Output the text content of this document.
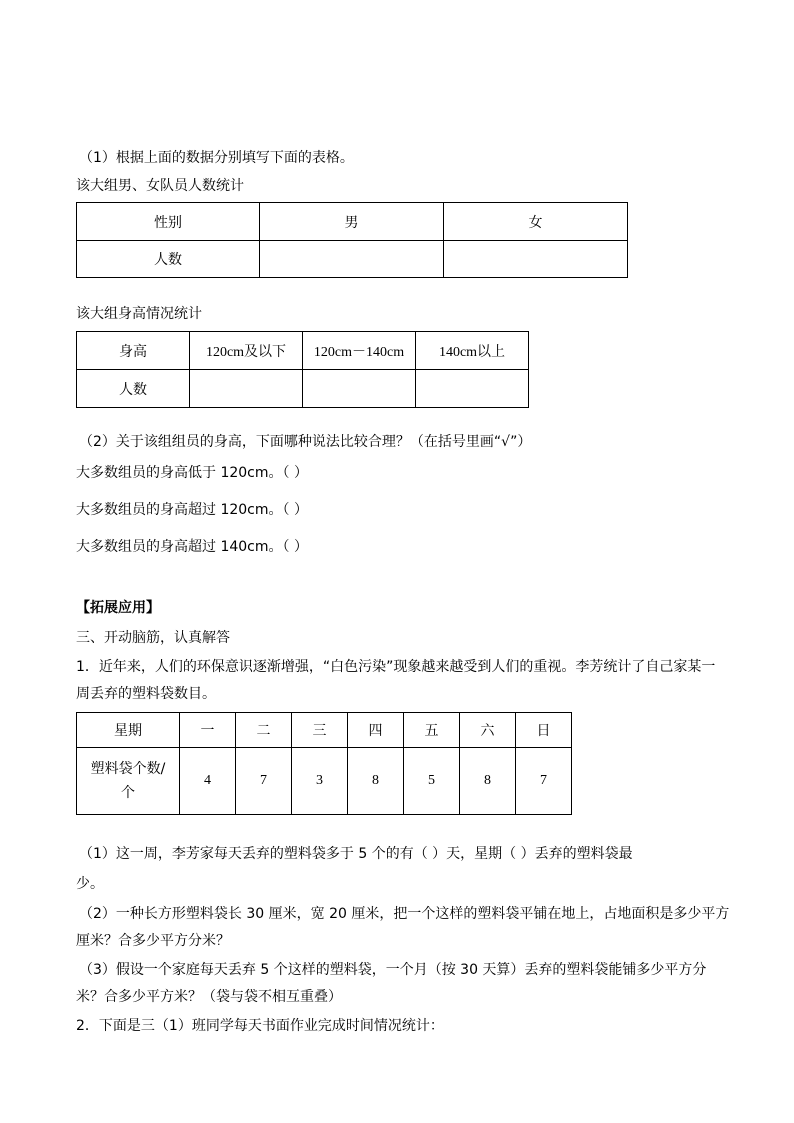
（1）根据上面的数据分别填写下面的表格。
该大组男、女队员人数统计
性别	男	女
人数		
该大组身高情况统计
身高	120cm及以下	120cm－140cm	140cm以上
人数			
（2）关于该组组员的身高，下面哪种说法比较合理？（在括号里画“√”）
大多数组员的身高低于 120cm。（ ）
大多数组员的身高超过 120cm。（ ）
大多数组员的身高超过 140cm。（ ）
【拓展应用】
三、开动脑筋，认真解答
1．近年来，人们的环保意识逐渐增强，“白色污染”现象越来越受到人们的重视。李芳统计了自己家某一
周丢弃的塑料袋数目。
星期	一	二	三	四	五	六	日

塑料袋个数/
个	4	7	3	8	5	8	7
（1）这一周，李芳家每天丢弃的塑料袋多于 5 个的有（ ）天，星期（ ）丢弃的塑料袋最
少。
（2）一种长方形塑料袋长 30 厘米，宽 20 厘米，把一个这样的塑料袋平铺在地上，占地面积是多少平方
厘米？合多少平方分米？
（3）假设一个家庭每天丢弃 5 个这样的塑料袋，一个月（按 30 天算）丢弃的塑料袋能铺多少平方分
米？合多少平方米？（袋与袋不相互重叠）
2．下面是三（1）班同学每天书面作业完成时间情况统计：
